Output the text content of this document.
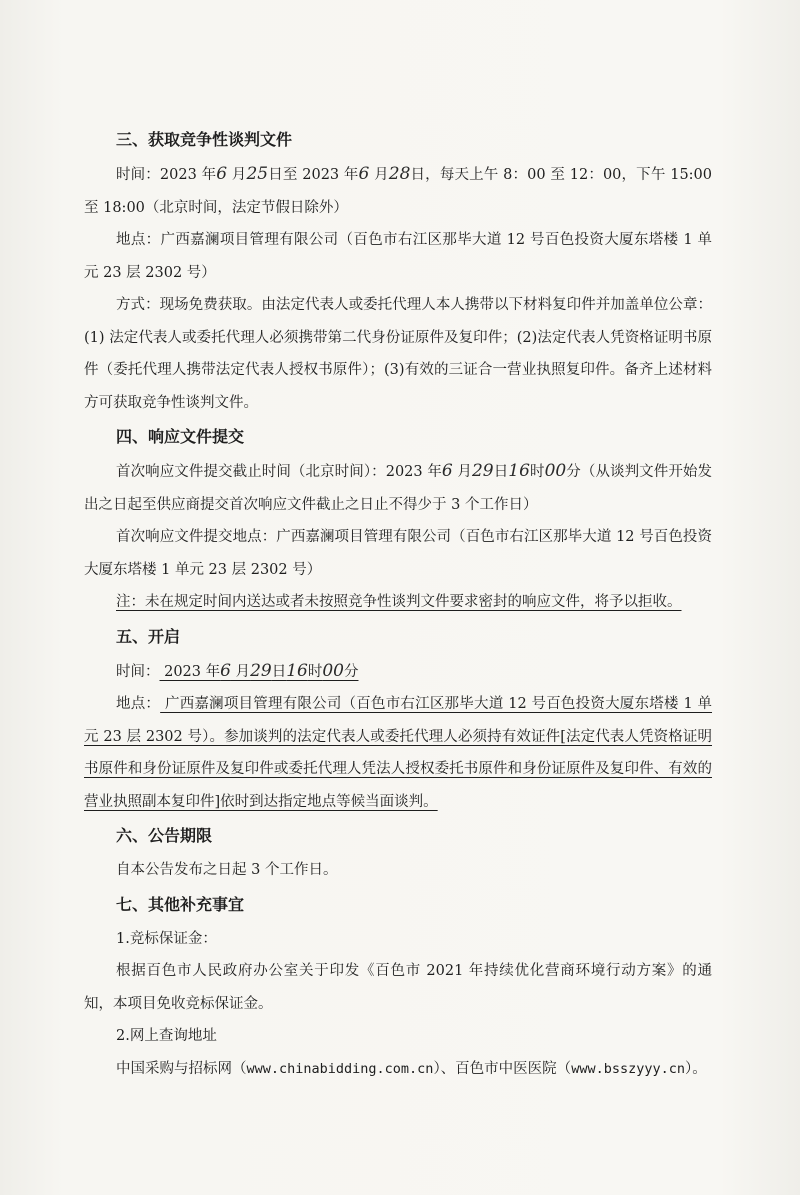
三、获取竞争性谈判文件
时间：2023 年6 月25日至 2023 年6 月28日，每天上午 8：00 至 12：00，下午 15:00 至 18:00（北京时间，法定节假日除外）
地点：广西嘉澜项目管理有限公司（百色市右江区那毕大道 12 号百色投资大厦东塔楼 1 单元 23 层 2302 号）
方式：现场免费获取。由法定代表人或委托代理人本人携带以下材料复印件并加盖单位公章：(1) 法定代表人或委托代理人必须携带第二代身份证原件及复印件；(2)法定代表人凭资格证明书原件（委托代理人携带法定代表人授权书原件）；(3)有效的三证合一营业执照复印件。备齐上述材料方可获取竞争性谈判文件。
四、响应文件提交
首次响应文件提交截止时间（北京时间）：2023 年6 月29日16时00分（从谈判文件开始发出之日起至供应商提交首次响应文件截止之日止不得少于 3 个工作日）
首次响应文件提交地点：广西嘉澜项目管理有限公司（百色市右江区那毕大道 12 号百色投资大厦东塔楼 1 单元 23 层 2302 号）
注：未在规定时间内送达或者未按照竞争性谈判文件要求密封的响应文件，将予以拒收。
五、开启
时间： 2023 年6 月29日16时00分
地点： 广西嘉澜项目管理有限公司（百色市右江区那毕大道 12 号百色投资大厦东塔楼 1 单元 23 层 2302 号）。参加谈判的法定代表人或委托代理人必须持有效证件[法定代表人凭资格证明书原件和身份证原件及复印件或委托代理人凭法人授权委托书原件和身份证原件及复印件、有效的营业执照副本复印件]依时到达指定地点等候当面谈判。
六、公告期限
自本公告发布之日起 3 个工作日。
七、其他补充事宜
1.竞标保证金：
根据百色市人民政府办公室关于印发《百色市 2021 年持续优化营商环境行动方案》的通知，本项目免收竞标保证金。
2.网上查询地址
中国采购与招标网（www.chinabidding.com.cn）、百色市中医医院（www.bsszyyy.cn）。
